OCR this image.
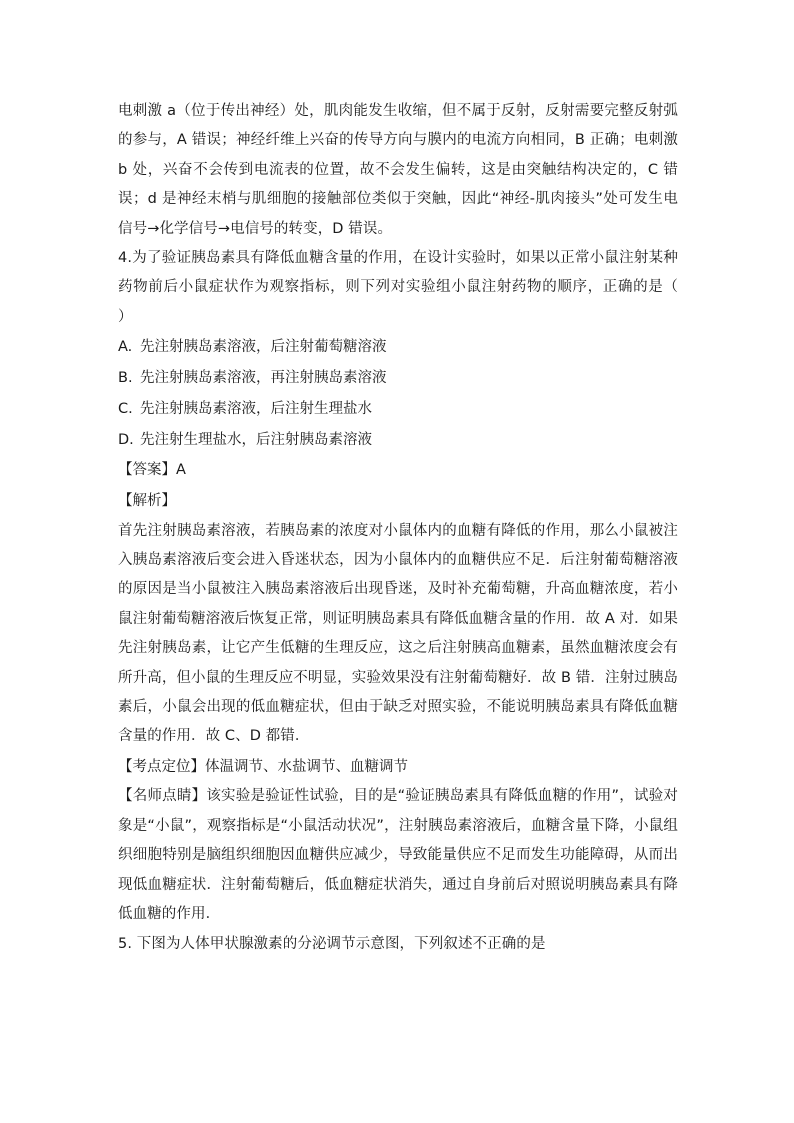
电刺激 a（位于传出神经）处，肌肉能发生收缩，但不属于反射，反射需要完整反射弧的参与，A 错误；神经纤维上兴奋的传导方向与膜内的电流方向相同，B 正确；电刺激 b 处，兴奋不会传到电流表的位置，故不会发生偏转，这是由突触结构决定的，C 错误；d 是神经末梢与肌细胞的接触部位类似于突触，因此“神经-肌肉接头”处可发生电信号→化学信号→电信号的转变，D 错误。

4.为了验证胰岛素具有降低血糖含量的作用，在设计实验时，如果以正常小鼠注射某种药物前后小鼠症状作为观察指标，则下列对实验组小鼠注射药物的顺序，正确的是（　　）

A. 先注射胰岛素溶液，后注射葡萄糖溶液

B. 先注射胰岛素溶液，再注射胰岛素溶液

C. 先注射胰岛素溶液，后注射生理盐水

D. 先注射生理盐水，后注射胰岛素溶液

【答案】A

【解析】

首先注射胰岛素溶液，若胰岛素的浓度对小鼠体内的血糖有降低的作用，那么小鼠被注入胰岛素溶液后变会进入昏迷状态，因为小鼠体内的血糖供应不足．后注射葡萄糖溶液的原因是当小鼠被注入胰岛素溶液后出现昏迷，及时补充葡萄糖，升高血糖浓度，若小鼠注射葡萄糖溶液后恢复正常，则证明胰岛素具有降低血糖含量的作用．故 A 对．如果先注射胰岛素，让它产生低糖的生理反应，这之后注射胰高血糖素，虽然血糖浓度会有所升高，但小鼠的生理反应不明显，实验效果没有注射葡萄糖好．故 B 错．注射过胰岛素后，小鼠会出现的低血糖症状，但由于缺乏对照实验，不能说明胰岛素具有降低血糖含量的作用．故 C、D 都错．

【考点定位】体温调节、水盐调节、血糖调节

【名师点睛】该实验是验证性试验，目的是“验证胰岛素具有降低血糖的作用”，试验对象是“小鼠”，观察指标是“小鼠活动状况”，注射胰岛素溶液后，血糖含量下降，小鼠组织细胞特别是脑组织细胞因血糖供应减少，导致能量供应不足而发生功能障碍，从而出现低血糖症状．注射葡萄糖后，低血糖症状消失，通过自身前后对照说明胰岛素具有降低血糖的作用．

5. 下图为人体甲状腺激素的分泌调节示意图，下列叙述不正确的是
